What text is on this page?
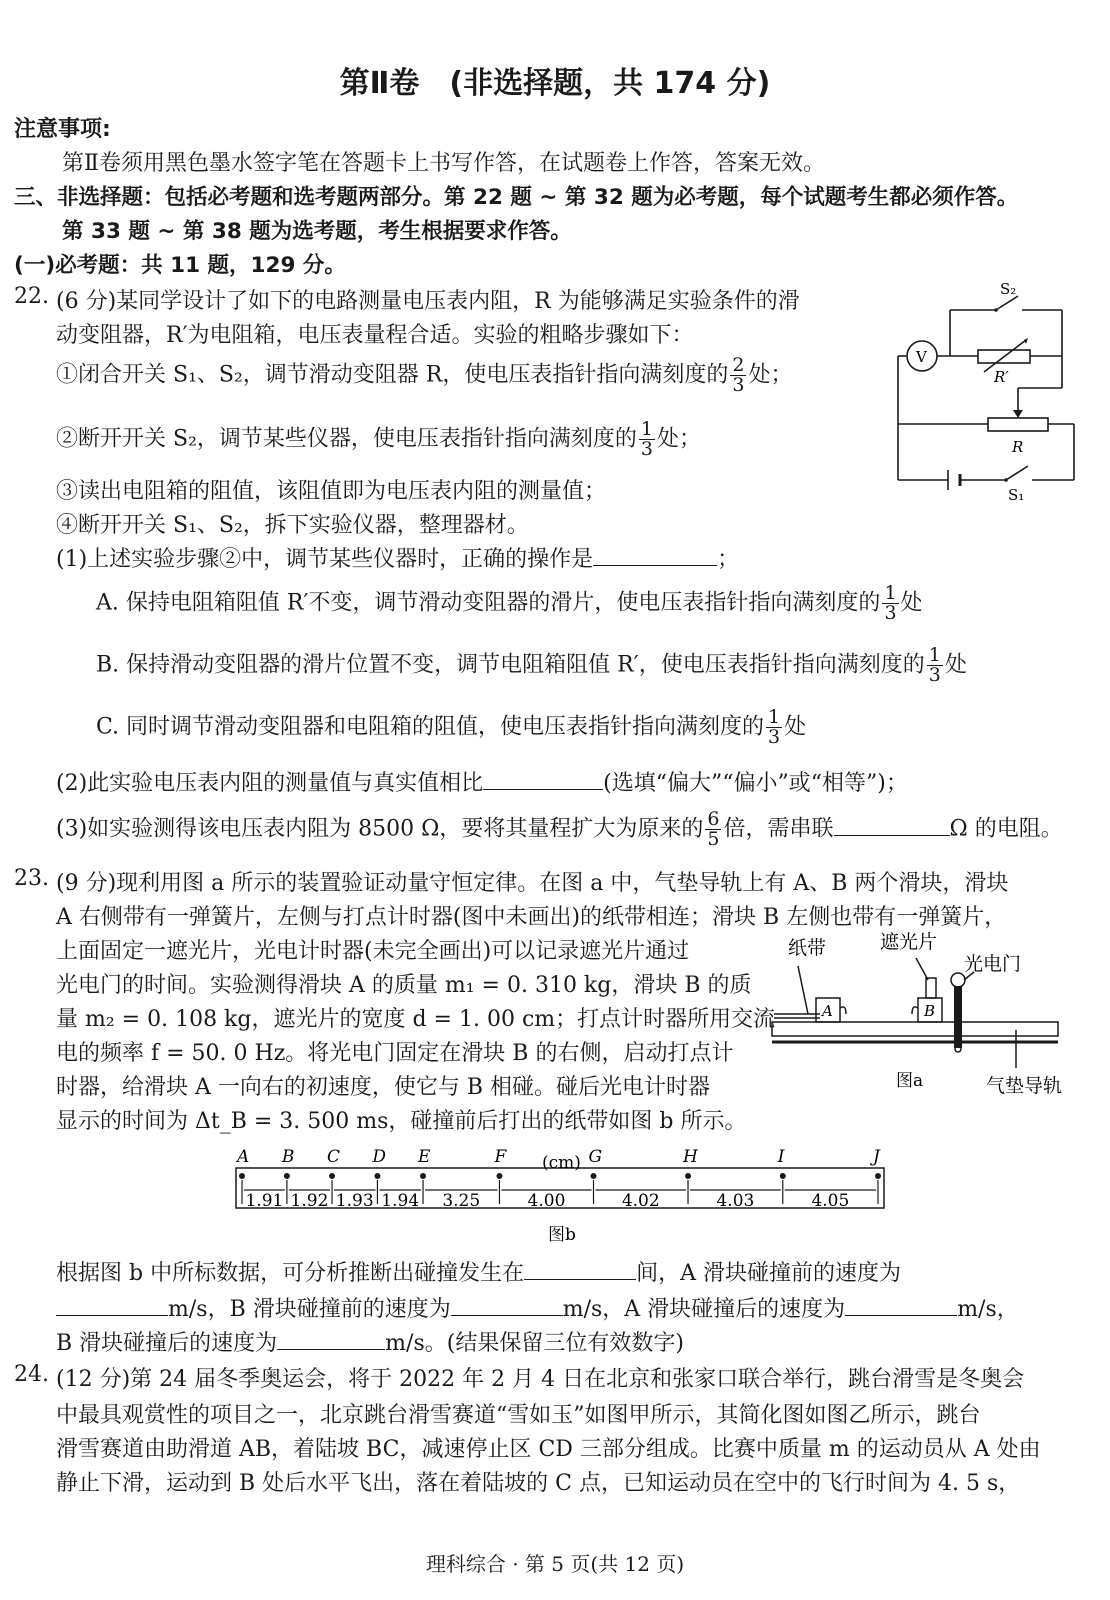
第Ⅱ卷　(非选择题，共 174 分)
注意事项:
第Ⅱ卷须用黑色墨水签字笔在答题卡上书写作答，在试题卷上作答，答案无效。
三、非选择题：包括必考题和选考题两部分。第 22 题 ~ 第 32 题为必考题，每个试题考生都必须作答。
第 33 题 ~ 第 38 题为选考题，考生根据要求作答。
(一)必考题：共 11 题，129 分。
22. (6 分)某同学设计了如下的电路测量电压表内阻，R 为能够满足实验条件的滑
动变阻器，R′为电阻箱，电压表量程合适。实验的粗略步骤如下：
①闭合开关 S₁、S₂，调节滑动变阻器 R，使电压表指针指向满刻度的 $\frac{2}{3}$ 处；
②断开开关 S₂，调节某些仪器，使电压表指针指向满刻度的 $\frac{1}{3}$ 处；
③读出电阻箱的阻值，该阻值即为电压表内阻的测量值；
④断开开关 S₁、S₂，拆下实验仪器，整理器材。
(1)上述实验步骤②中，调节某些仪器时，正确的操作是	；
A. 保持电阻箱阻值 R′不变，调节滑动变阻器的滑片，使电压表指针指向满刻度的 $\frac{1}{3}$ 处
B. 保持滑动变阻器的滑片位置不变，调节电阻箱阻值 R′，使电压表指针指向满刻度的 $\frac{1}{3}$ 处
C. 同时调节滑动变阻器和电阻箱的阻值，使电压表指针指向满刻度的 $\frac{1}{3}$ 处
(2)此实验电压表内阻的测量值与真实值相比	(选填“偏大”“偏小”或“相等”)；
(3)如实验测得该电压表内阻为 8500 Ω，要将其量程扩大为原来的 $\frac{6}{5}$ 倍，需串联	Ω 的电阻。
S₂
V
R′
R
S₁
23. (9 分)现利用图 a 所示的装置验证动量守恒定律。在图 a 中，气垫导轨上有 A、B 两个滑块，滑块
A 右侧带有一弹簧片，左侧与打点计时器(图中未画出)的纸带相连；滑块 B 左侧也带有一弹簧片，
上面固定一遮光片，光电计时器(未完全画出)可以记录遮光片通过
光电门的时间。实验测得滑块 A 的质量 m₁ = 0. 310 kg，滑块 B 的质
量 m₂ = 0. 108 kg，遮光片的宽度 d = 1. 00 cm；打点计时器所用交流
电的频率 f = 50. 0 Hz。将光电门固定在滑块 B 的右侧，启动打点计
时器，给滑块 A 一向右的初速度，使它与 B 相碰。碰后光电计时器
显示的时间为 Δt_B = 3. 500 ms，碰撞前后打出的纸带如图 b 所示。
纸带	遮光片
光电门
气垫导轨
图a
A	B
A B C D E	F	G	H	I	J
1.91 1.92 1.93 1.94 3.25	4.00	4.02	4.03	4.05
(cm)
图b
根据图 b 中所标数据，可分析推断出碰撞发生在	间，A 滑块碰撞前的速度为
m/s，B 滑块碰撞前的速度为	m/s，A 滑块碰撞后的速度为	m/s，
B 滑块碰撞后的速度为	m/s。(结果保留三位有效数字)
24. (12 分)第 24 届冬季奥运会，将于 2022 年 2 月 4 日在北京和张家口联合举行，跳台滑雪是冬奥会
中最具观赏性的项目之一，北京跳台滑雪赛道“雪如玉”如图甲所示，其简化图如图乙所示，跳台
滑雪赛道由助滑道 AB，着陆坡 BC，减速停止区 CD 三部分组成。比赛中质量 m 的运动员从 A 处由
静止下滑，运动到 B 处后水平飞出，落在着陆坡的 C 点，已知运动员在空中的飞行时间为 4. 5 s，
理科综合 · 第 5 页(共 12 页)
